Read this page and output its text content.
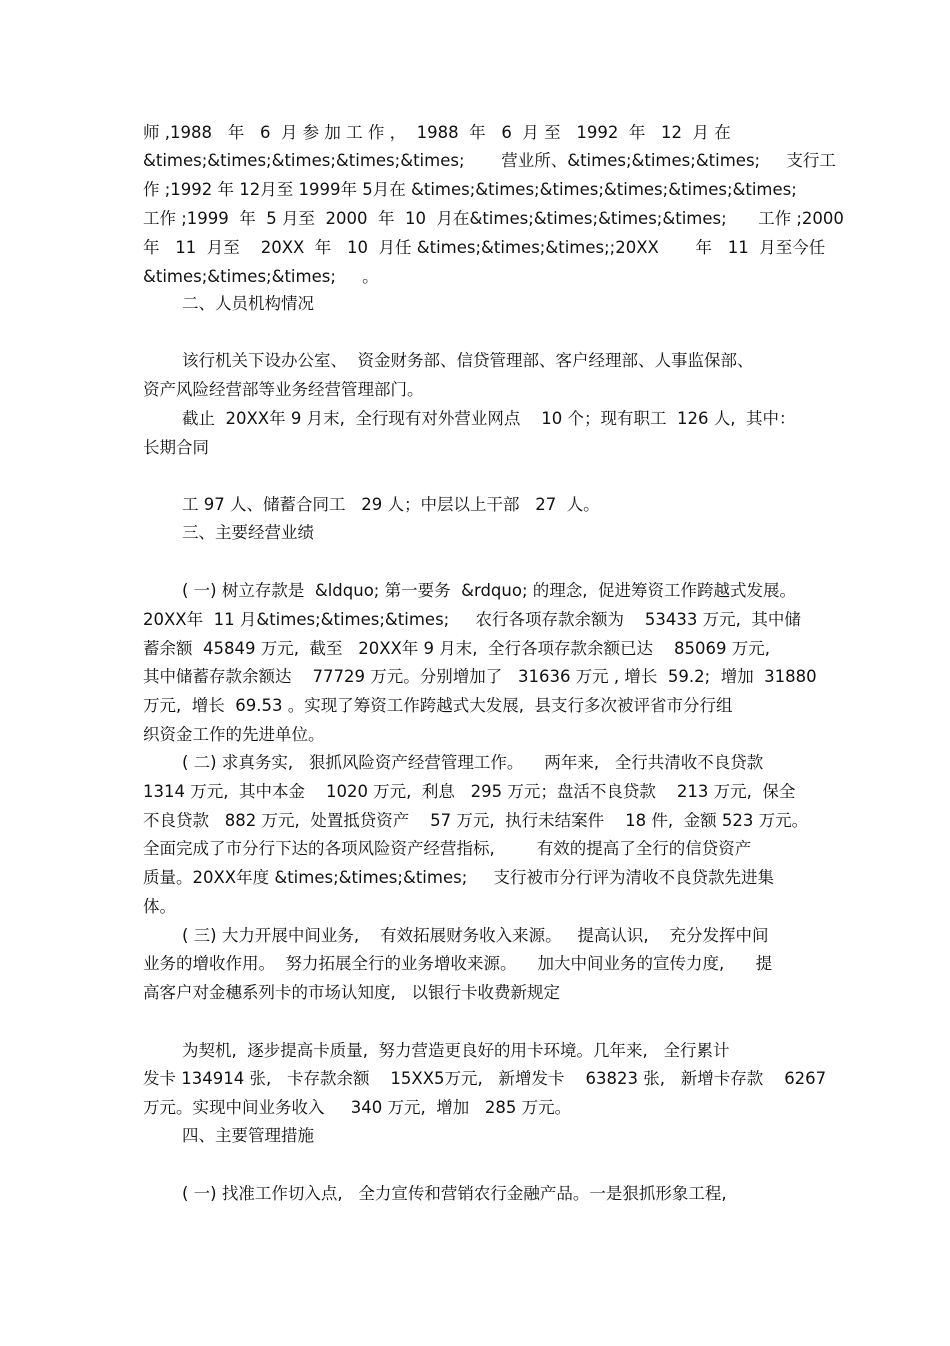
师 ,1988   年   6  月 参 加 工 作 ，  1988  年   6  月 至   1992  年   12  月 在
&times;&times;&times;&times;&times;       营业所、&times;&times;&times;     支行工
作 ;1992 年 12月至 1999年 5月在 &times;&times;&times;&times;&times;&times;
工作 ;1999  年  5 月至  2000  年  10  月在&times;&times;&times;&times;      工作 ;2000
年   11  月至    20XX  年   10  月任 &times;&times;&times;;20XX       年   11  月至今任
&times;&times;&times;     。
二、人员机构情况
该行机关下设办公室、  资金财务部、信贷管理部、客户经理部、人事监保部、
资产风险经营部等业务经营管理部门。
截止  20XX年 9 月末,  全行现有对外营业网点    10 个；现有职工  126 人,  其中：
长期合同
工 97 人、储蓄合同工   29 人；中层以上干部   27  人。
三、主要经营业绩
( 一) 树立存款是  &ldquo; 第一要务  &rdquo; 的理念,  促进筹资工作跨越式发展。
20XX年  11 月&times;&times;&times;     农行各项存款余额为    53433 万元,  其中储
蓄余额  45849 万元,  截至   20XX年 9 月末,  全行各项存款余额已达    85069 万元,
其中储蓄存款余额达    77729 万元。分别增加了   31636 万元 , 增长  59.2;  增加  31880
万元,  增长  69.53 。实现了筹资工作跨越式大发展,  县支行多次被评省市分行组
织资金工作的先进单位。
( 二) 求真务实,   狠抓风险资产经营管理工作。    两年来,   全行共清收不良贷款
1314 万元,  其中本金    1020 万元,  利息   295 万元；盘活不良贷款    213 万元,  保全
不良贷款   882 万元,  处置抵贷资产    57 万元,  执行未结案件    18 件,  金额 523 万元。
全面完成了市分行下达的各项风险资产经营指标,        有效的提高了全行的信贷资产
质量。20XX年度 &times;&times;&times;     支行被市分行评为清收不良贷款先进集
体。
( 三) 大力开展中间业务,    有效拓展财务收入来源。   提高认识,    充分发挥中间
业务的增收作用。  努力拓展全行的业务增收来源。    加大中间业务的宣传力度,      提
高客户对金穗系列卡的市场认知度,   以银行卡收费新规定
为契机,  逐步提高卡质量,  努力营造更良好的用卡环境。几年来,   全行累计
发卡 134914 张,   卡存款余额    15XX5万元,   新增发卡    63823 张,   新增卡存款    6267
万元。实现中间业务收入     340 万元,  增加   285 万元。
四、主要管理措施
( 一) 找准工作切入点,   全力宣传和营销农行金融产品。一是狠抓形象工程,
